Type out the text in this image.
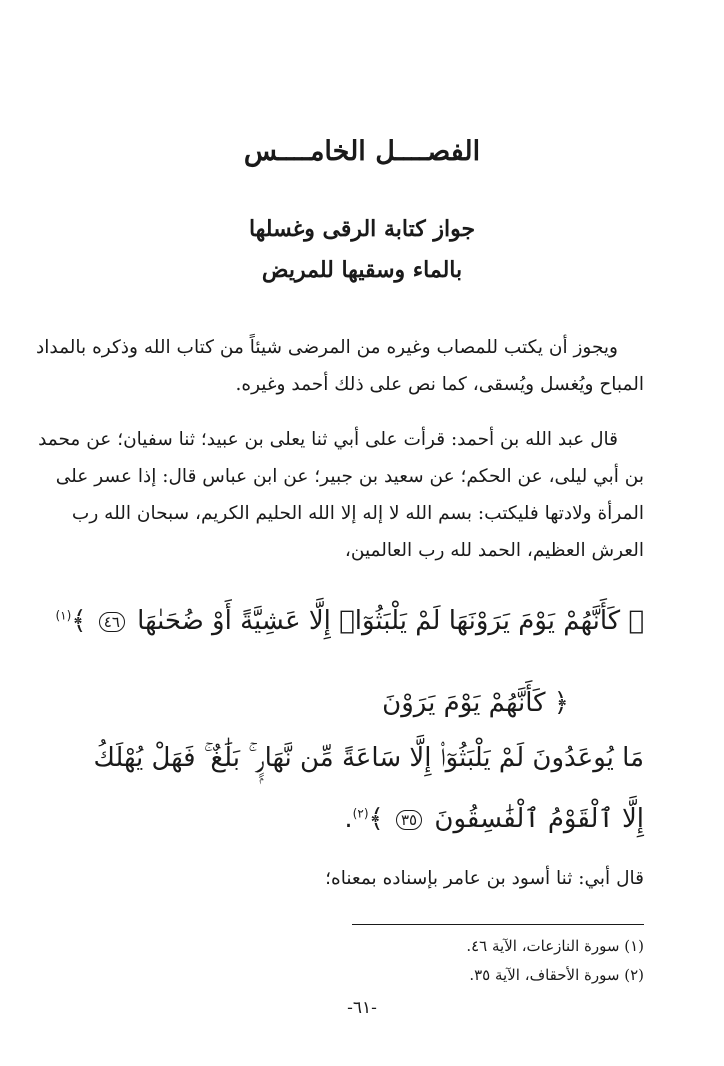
الفصــــل الخامــــس
جواز كتابة الرقى وغسلها
بالماء وسقيها للمريض
ويجوز أن يكتب للمصاب وغيره من المرضى شيئاً من كتاب الله وذكره بالمداد
المباح ويُغسل ويُسقى، كما نص على ذلك أحمد وغيره.
قال عبد الله بن أحمد: قرأت على أبي ثنا يعلى بن عبيد؛ ثنا سفيان؛ عن محمد
بن أبي ليلى، عن الحكم؛ عن سعيد بن جبير؛ عن ابن عباس قال: إذا عسر على
المرأة ولادتها فليكتب: بسم الله لا إله إلا الله الحليم الكريم، سبحان الله رب
العرش العظيم، الحمد لله رب العالمين،
﴿ كَأَنَّهُمْ يَوْمَ يَرَوْنَهَا لَمْ يَلْبَثُوٓا۟ إِلَّا عَشِيَّةً أَوْ ضُحَىٰهَا ٤٦ ﴾$^{(١)}$
﴿ كَأَنَّهُمْ يَوْمَ يَرَوْنَ
مَا يُوعَدُونَ لَمْ يَلْبَثُوٓا۟ إِلَّا سَاعَةً مِّن نَّهَارٍۭ ۚ بَلَٰغٌ ۚ فَهَلْ يُهْلَكُ
إِلَّا ٱلْقَوْمُ ٱلْفَٰسِقُونَ ٣٥ ﴾$^{(٢)}$.
قال أبي: ثنا أسود بن عامر بإسناده بمعناه؛
(١) سورة النازعات، الآية ٤٦.
(٢) سورة الأحقاف، الآية ٣٥.
-٦١-
